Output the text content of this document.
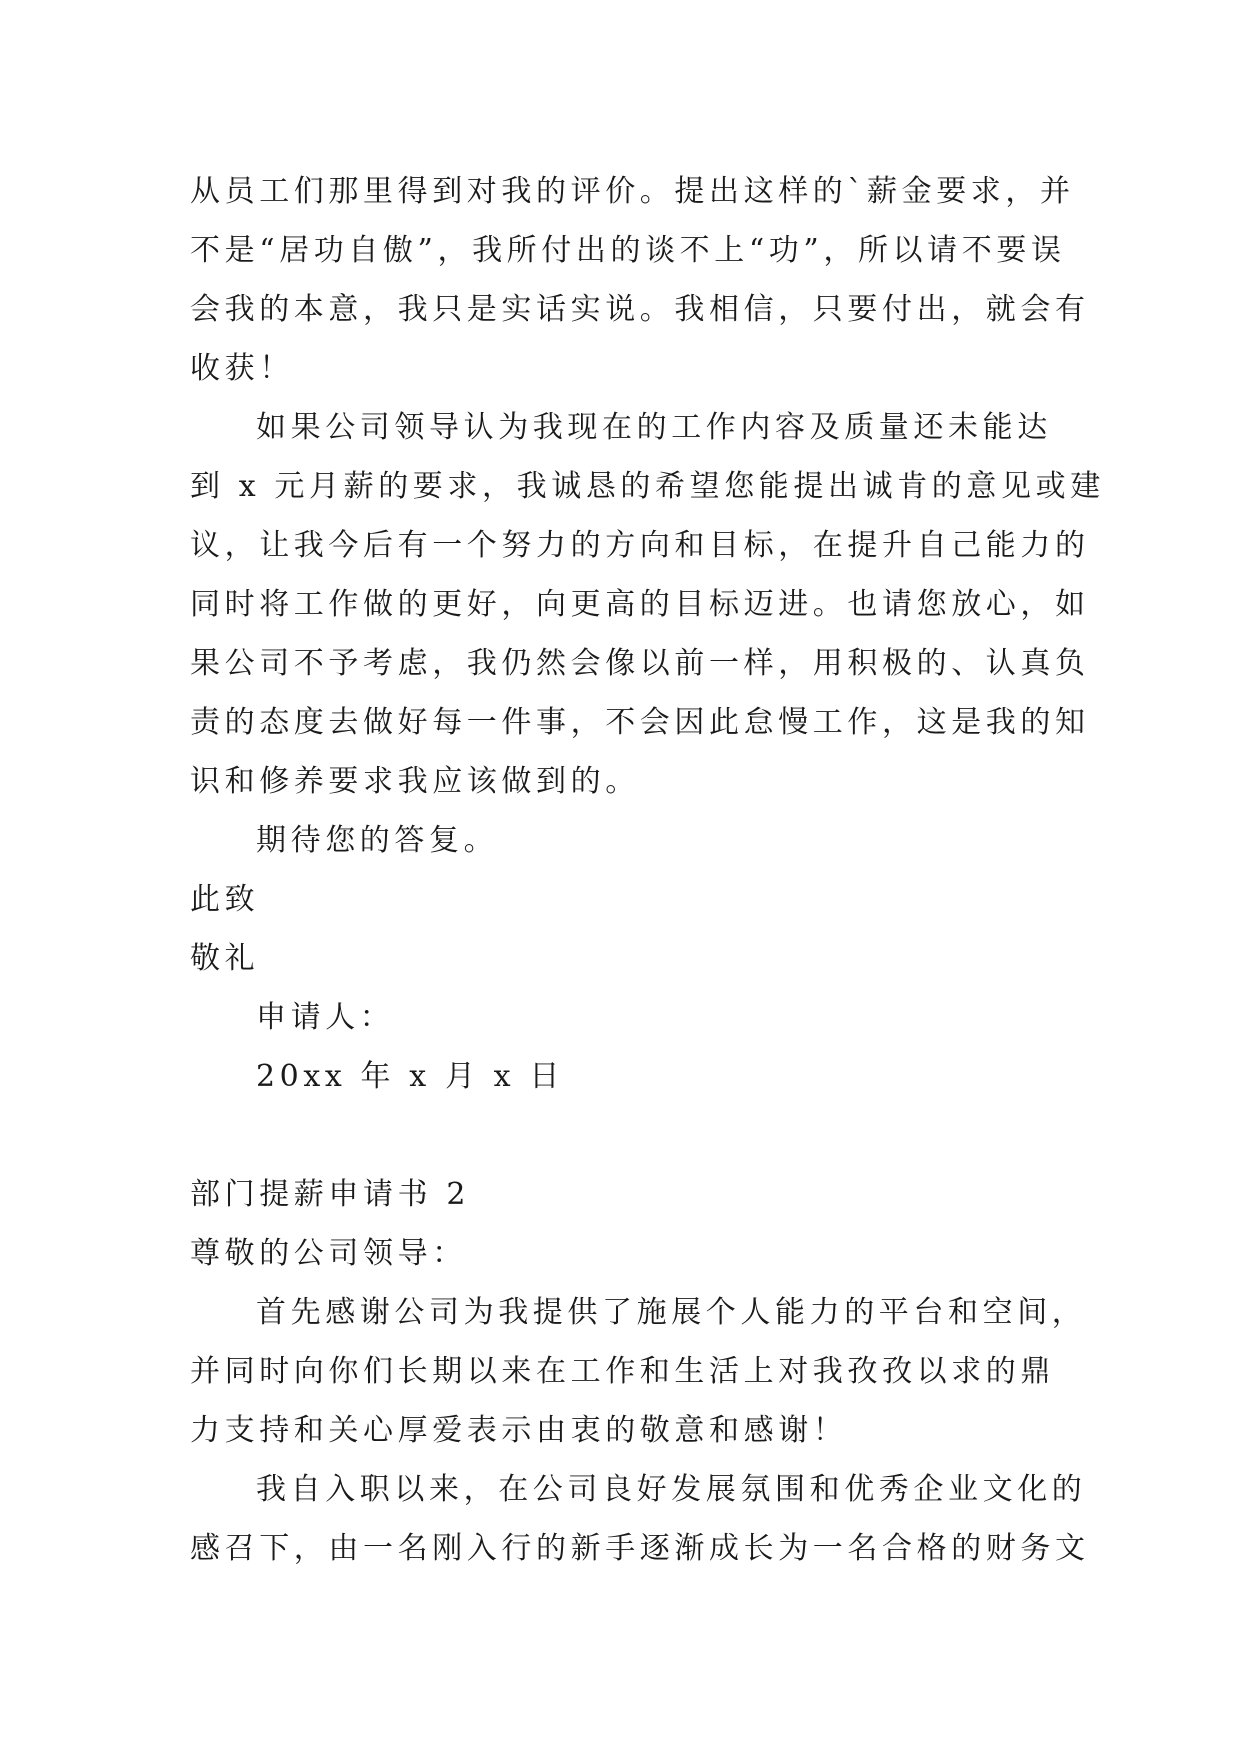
从员工们那里得到对我的评价。提出这样的`薪金要求，并
不是“居功自傲”，我所付出的谈不上“功”，所以请不要误
会我的本意，我只是实话实说。我相信，只要付出，就会有
收获！
如果公司领导认为我现在的工作内容及质量还未能达
到 x 元月薪的要求，我诚恳的希望您能提出诚肯的意见或建
议，让我今后有一个努力的方向和目标，在提升自己能力的
同时将工作做的更好，向更高的目标迈进。也请您放心，如
果公司不予考虑，我仍然会像以前一样，用积极的、认真负
责的态度去做好每一件事，不会因此怠慢工作，这是我的知
识和修养要求我应该做到的。
期待您的答复。
此致
敬礼
申请人：
20xx 年 x 月 x 日
部门提薪申请书 2
尊敬的公司领导：
首先感谢公司为我提供了施展个人能力的平台和空间，
并同时向你们长期以来在工作和生活上对我孜孜以求的鼎
力支持和关心厚爱表示由衷的敬意和感谢！
我自入职以来，在公司良好发展氛围和优秀企业文化的
感召下，由一名刚入行的新手逐渐成长为一名合格的财务文
